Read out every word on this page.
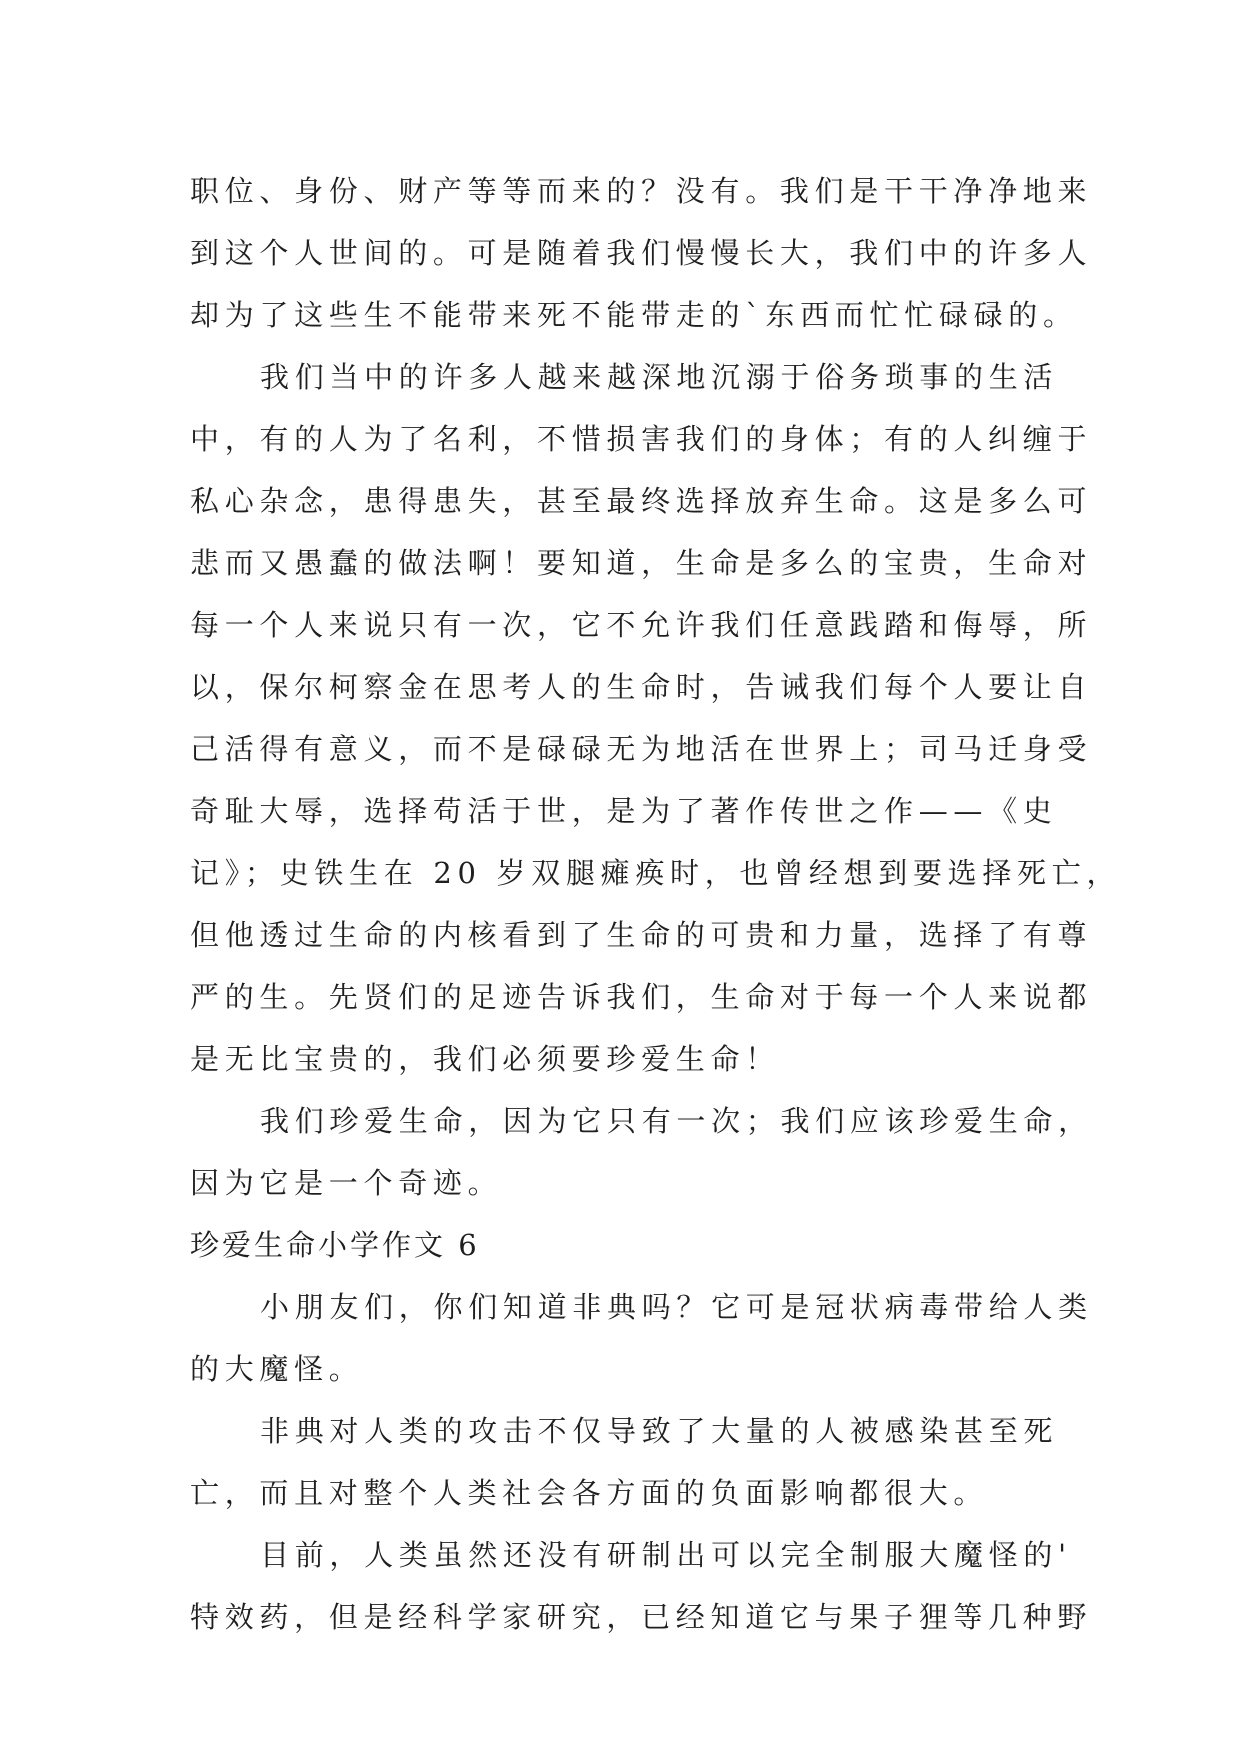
职位、身份、财产等等而来的？没有。我们是干干净净地来
到这个人世间的。可是随着我们慢慢长大，我们中的许多人
却为了这些生不能带来死不能带走的`东西而忙忙碌碌的。
我们当中的许多人越来越深地沉溺于俗务琐事的生活
中，有的人为了名利，不惜损害我们的身体；有的人纠缠于
私心杂念，患得患失，甚至最终选择放弃生命。这是多么可
悲而又愚蠢的做法啊！要知道，生命是多么的宝贵，生命对
每一个人来说只有一次，它不允许我们任意践踏和侮辱，所
以，保尔柯察金在思考人的生命时，告诫我们每个人要让自
己活得有意义，而不是碌碌无为地活在世界上；司马迁身受
奇耻大辱，选择苟活于世，是为了著作传世之作——《史
记》；史铁生在 20 岁双腿瘫痪时，也曾经想到要选择死亡，
但他透过生命的内核看到了生命的可贵和力量，选择了有尊
严的生。先贤们的足迹告诉我们，生命对于每一个人来说都
是无比宝贵的，我们必须要珍爱生命！
我们珍爱生命，因为它只有一次；我们应该珍爱生命，
因为它是一个奇迹。
珍爱生命小学作文 6
小朋友们，你们知道非典吗？它可是冠状病毒带给人类
的大魔怪。
非典对人类的攻击不仅导致了大量的人被感染甚至死
亡，而且对整个人类社会各方面的负面影响都很大。
目前，人类虽然还没有研制出可以完全制服大魔怪的'
特效药，但是经科学家研究，已经知道它与果子狸等几种野
